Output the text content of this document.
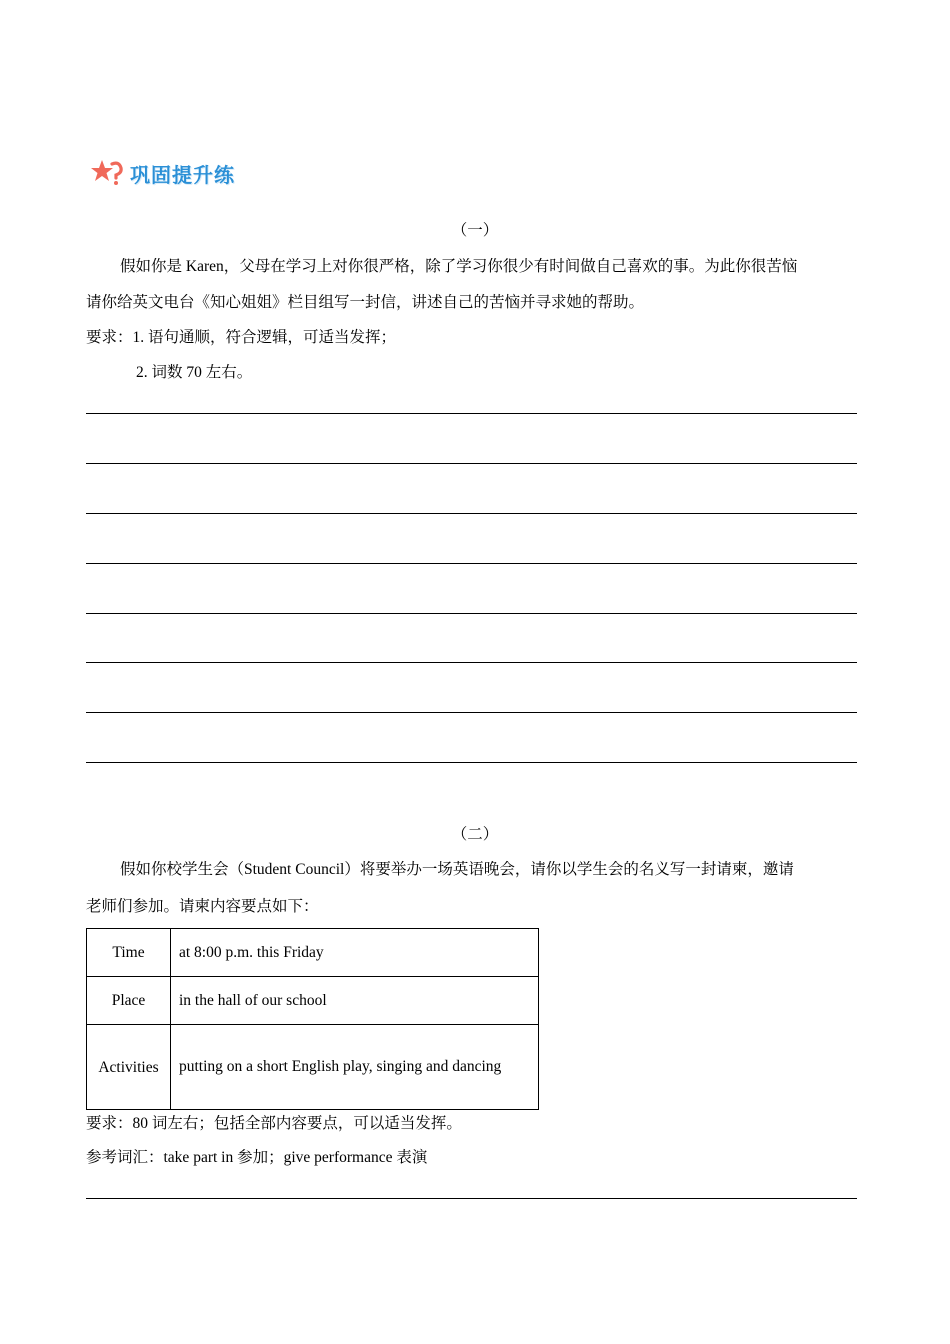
巩固提升练
（一）
假如你是 Karen，父母在学习上对你很严格，除了学习你很少有时间做自己喜欢的事。为此你很苦恼
请你给英文电台《知心姐姐》栏目组写一封信，讲述自己的苦恼并寻求她的帮助。
要求：1. 语句通顺，符合逻辑，可适当发挥；
2. 词数 70 左右。
（二）
假如你校学生会（Student Council）将要举办一场英语晚会，请你以学生会的名义写一封请柬，邀请
老师们参加。请柬内容要点如下：
Time	at 8:00 p.m. this Friday
Place	in the hall of our school
Activities	putting on a short English play, singing and dancing
要求：80 词左右；包括全部内容要点，可以适当发挥。
参考词汇：take part in 参加；give performance 表演
